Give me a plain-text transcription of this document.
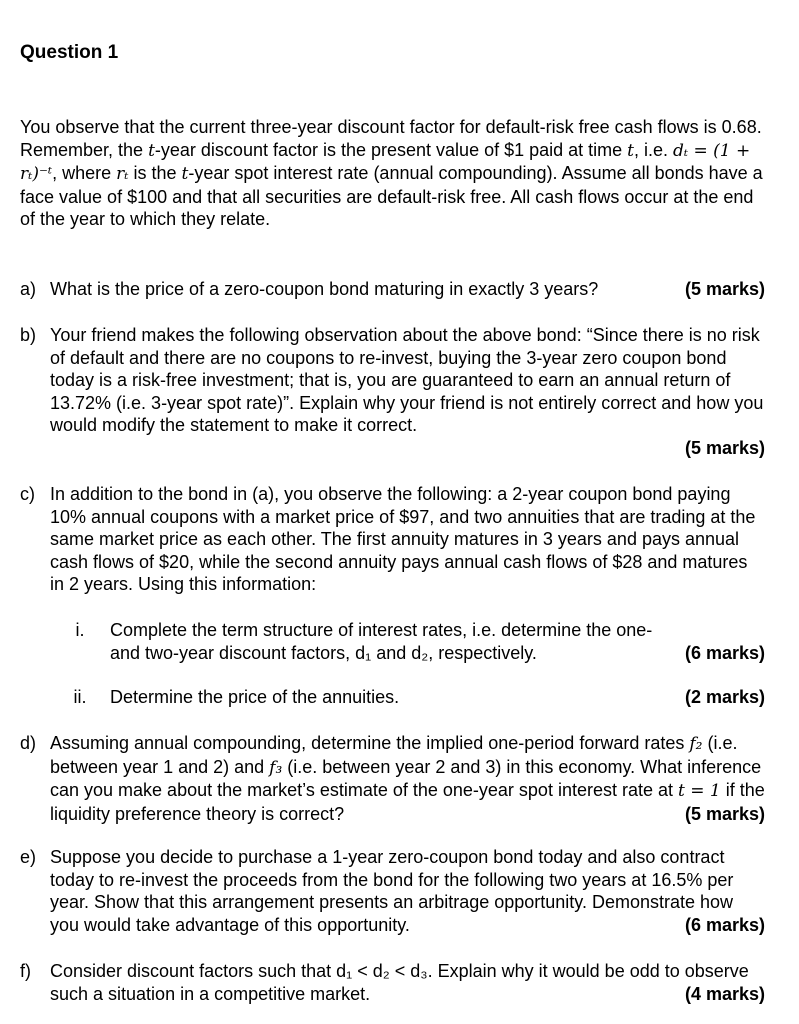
Question 1
You observe that the current three-year discount factor for default-risk free cash flows is 0.68. Remember, the t-year discount factor is the present value of $1 paid at time t, i.e. dₜ = (1 + rₜ)⁻ᵗ, where rₜ is the t-year spot interest rate (annual compounding). Assume all bonds have a face value of $100 and that all securities are default-risk free. All cash flows occur at the end of the year to which they relate.
a)	(5 marks)
What is the price of a zero-coupon bond maturing in exactly 3 years?
b) Your friend makes the following observation about the above bond: “Since there is no risk of default and there are no coupons to re-invest, buying the 3-year zero coupon bond today is a risk-free investment; that is, you are guaranteed to earn an annual return of 13.72% (i.e. 3-year spot rate)”. Explain why your friend is not entirely correct and how you would modify the statement to make it correct.
(5 marks)
c) In addition to the bond in (a), you observe the following: a 2-year coupon bond paying 10% annual coupons with a market price of $97, and two annuities that are trading at the same market price as each other. The first annuity matures in 3 years and pays annual cash flows of $20, while the second annuity pays annual cash flows of $28 and matures in 2 years. Using this information:
i.
(6 marks)
Complete the term structure of interest rates, i.e. determine the one- and two-year discount factors, d₁ and d₂, respectively.
ii.	(2 marks)
Determine the price of the annuities.
d) Assuming annual compounding, determine the implied one-period forward rates f₂ (i.e. between year 1 and 2) and f₃ (i.e. between year 2 and 3) in this economy. What inference can you make about the market’s estimate of the one-year spot interest rate at t = 1 if the liquidity preference theory is correct?	(5 marks)
e) Suppose you decide to purchase a 1-year zero-coupon bond today and also contract today to re-invest the proceeds from the bond for the following two years at 16.5% per year. Show that this arrangement presents an arbitrage opportunity. Demonstrate how you would take advantage of this opportunity.	(6 marks)
f)	Consider discount factors such that d₁ < d₂ < d₃. Explain why it would be odd to observe such a situation in a competitive market.	(4 marks)
